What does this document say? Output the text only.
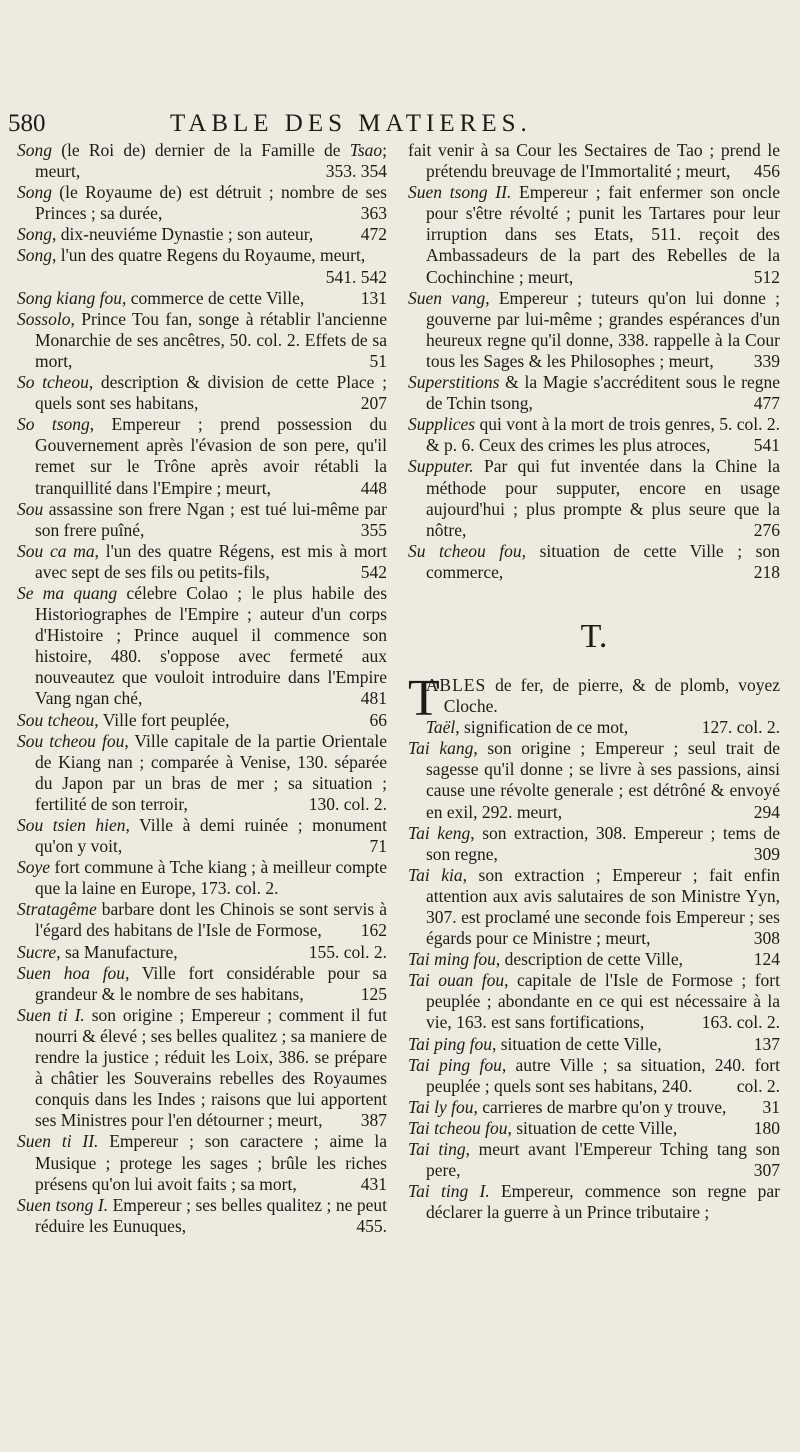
580	TABLE DES MATIERES.
Song (le Roi de) dernier de la Famille de Tsao; meurt,	353. 354
Song (le Royaume de) est détruit ; nombre de ses Princes ; sa durée,	363
Song, dix-neuviéme Dynastie ; son auteur,	472
Song, l'un des quatre Regens du Royaume, meurt,
541. 542
Song kiang fou, commerce de cette Ville,	131
Sossolo, Prince Tou fan, songe à rétablir l'ancienne Monarchie de ses ancêtres, 50. col. 2. Effets de sa mort,	51
So tcheou, description & division de cette Place ; quels sont ses habitans,	207
So tsong, Empereur ; prend possession du Gouvernement après l'évasion de son pere, qu'il remet sur le Trône après avoir rétabli la tranquillité dans l'Empire ; meurt,	448
Sou assassine son frere Ngan ; est tué lui-même par son frere puîné,	355
Sou ca ma, l'un des quatre Régens, est mis à mort avec sept de ses fils ou petits-fils,	542
Se ma quang célebre Colao ; le plus habile des Historiographes de l'Empire ; auteur d'un corps d'Histoire ; Prince auquel il commence son histoire, 480. s'oppose avec fermeté aux nouveautez que vouloit introduire dans l'Empire Vang ngan ché,	481
Sou tcheou, Ville fort peuplée,	66
Sou tcheou fou, Ville capitale de la partie Orientale de Kiang nan ; comparée à Venise, 130. séparée du Japon par un bras de mer ; sa situation ; fertilité de son terroir,	130. col. 2.
Sou tsien hien, Ville à demi ruinée ; monument qu'on y voit,	71
Soye fort commune à Tche kiang ; à meilleur compte que la laine en Europe, 173. col. 2.
Stratagême barbare dont les Chinois se sont servis à l'égard des habitans de l'Isle de Formose,	162
Sucre, sa Manufacture,	155. col. 2.
Suen hoa fou, Ville fort considérable pour sa grandeur & le nombre de ses habitans,	125
Suen ti I. son origine ; Empereur ; comment il fut nourri & élevé ; ses belles qualitez ; sa maniere de rendre la justice ; réduit les Loix, 386. se prépare à châtier les Souverains rebelles des Royaumes conquis dans les Indes ; raisons que lui apportent ses Ministres pour l'en détourner ; meurt,	387
Suen ti II. Empereur ; son caractere ; aime la Musique ; protege les sages ; brûle les riches présens qu'on lui avoit faits ; sa mort,	431
Suen tsong I. Empereur ; ses belles qualitez ; ne peut réduire les Eunuques,	455.
fait venir à sa Cour les Sectaires de Tao ; prend le prétendu breuvage de l'Immortalité ; meurt,	456
Suen tsong II. Empereur ; fait enfermer son oncle pour s'être révolté ; punit les Tartares pour leur irruption dans ses Etats, 511. reçoit des Ambassadeurs de la part des Rebelles de la Cochinchine ; meurt,	512
Suen vang, Empereur ; tuteurs qu'on lui donne ; gouverne par lui-même ; grandes espérances d'un heureux regne qu'il donne, 338. rappelle à la Cour tous les Sages & les Philosophes ; meurt,	339
Superstitions & la Magie s'accréditent sous le regne de Tchin tsong,	477
Supplices qui vont à la mort de trois genres, 5. col. 2. & p. 6. Ceux des crimes les plus atroces,	541
Supputer. Par qui fut inventée dans la Chine la méthode pour supputer, encore en usage aujourd'hui ; plus prompte & plus seure que la nôtre,	276
Su tcheou fou, situation de cette Ville ; son commerce,	218
T.
T
ABLES de fer, de pierre, & de plomb, voyez Cloche.
Taël, signification de ce mot,	127. col. 2.
Tai kang, son origine ; Empereur ; seul trait de sagesse qu'il donne ; se livre à ses passions, ainsi cause une révolte generale ; est détrôné & envoyé en exil, 292. meurt,	294
Tai keng, son extraction, 308. Empereur ; tems de son regne,	309
Tai kia, son extraction ; Empereur ; fait enfin attention aux avis salutaires de son Ministre Yyn, 307. est proclamé une seconde fois Empereur ; ses égards pour ce Ministre ; meurt,	308
Tai ming fou, description de cette Ville,	124
Tai ouan fou, capitale de l'Isle de Formose ; fort peuplée ; abondante en ce qui est nécessaire à la vie, 163. est sans fortifications,	163. col. 2.
Tai ping fou, situation de cette Ville,	137
Tai ping fou, autre Ville ; sa situation, 240. fort peuplée ; quels sont ses habitans, 240.	col. 2.
Tai ly fou, carrieres de marbre qu'on y trouve,	31
Tai tcheou fou, situation de cette Ville,	180
Tai ting, meurt avant l'Empereur Tching tang son pere,	307
Tai ting I. Empereur, commence son regne par déclarer la guerre à un Prince tributaire ;
